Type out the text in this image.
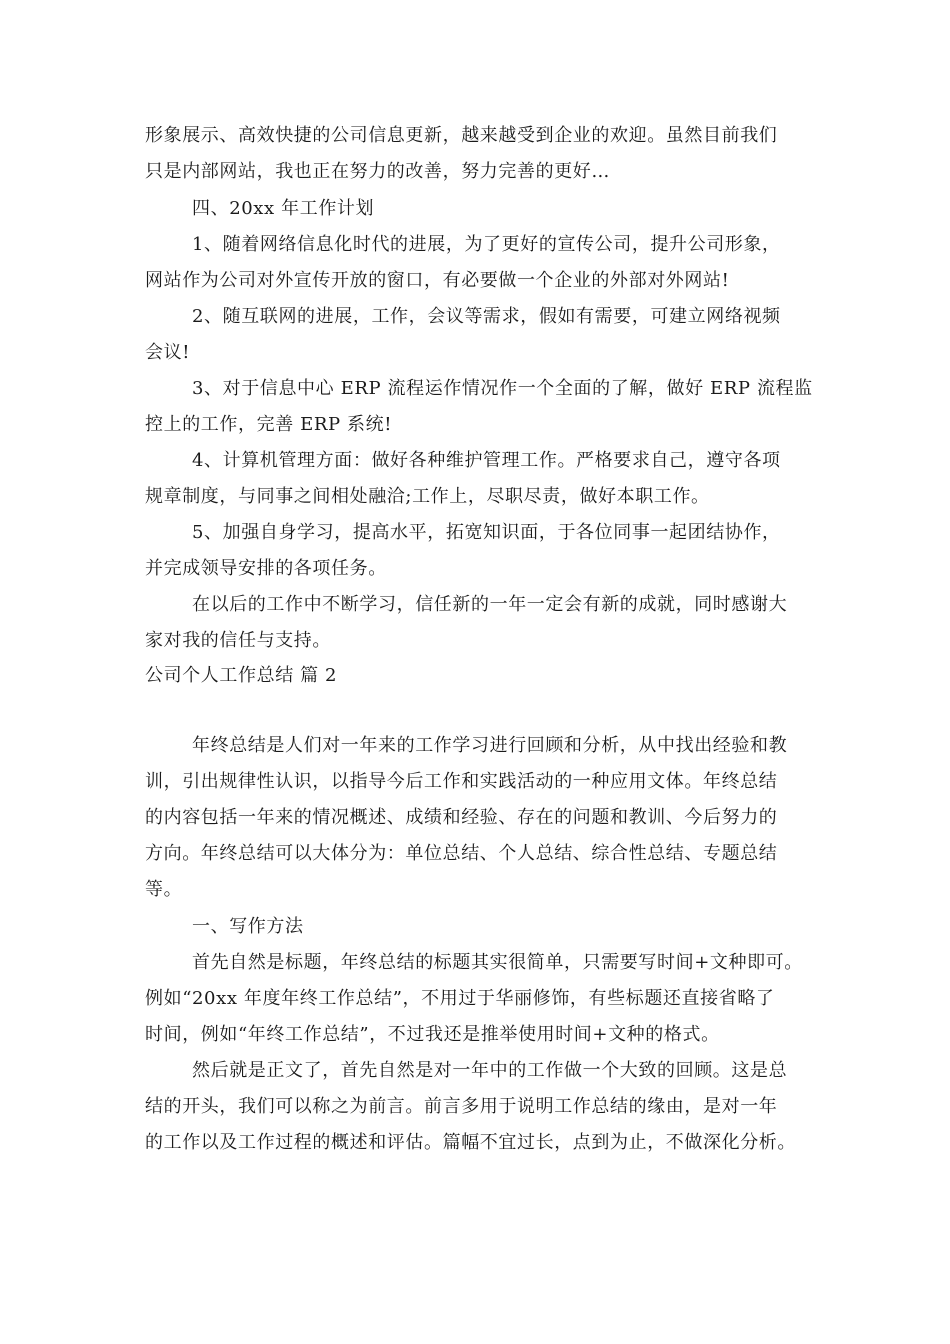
形象展示、高效快捷的公司信息更新，越来越受到企业的欢迎。虽然目前我们
只是内部网站，我也正在努力的改善，努力完善的更好…
四、20xx 年工作计划
1、随着网络信息化时代的进展，为了更好的宣传公司，提升公司形象，
网站作为公司对外宣传开放的窗口，有必要做一个企业的外部对外网站!
2、随互联网的进展，工作，会议等需求，假如有需要，可建立网络视频
会议!
3、对于信息中心 ERP 流程运作情况作一个全面的了解，做好 ERP 流程监
控上的工作，完善 ERP 系统!
4、计算机管理方面：做好各种维护管理工作。严格要求自己，遵守各项
规章制度，与同事之间相处融洽;工作上，尽职尽责，做好本职工作。
5、加强自身学习，提高水平，拓宽知识面，于各位同事一起团结协作，
并完成领导安排的各项任务。
在以后的工作中不断学习，信任新的一年一定会有新的成就，同时感谢大
家对我的信任与支持。
公司个人工作总结 篇 2
年终总结是人们对一年来的工作学习进行回顾和分析，从中找出经验和教
训，引出规律性认识，以指导今后工作和实践活动的一种应用文体。年终总结
的内容包括一年来的情况概述、成绩和经验、存在的问题和教训、今后努力的
方向。年终总结可以大体分为：单位总结、个人总结、综合性总结、专题总结
等。
一、写作方法
首先自然是标题，年终总结的标题其实很简单，只需要写时间+文种即可。
例如“20xx 年度年终工作总结”，不用过于华丽修饰，有些标题还直接省略了
时间，例如“年终工作总结”，不过我还是推举使用时间+文种的格式。
然后就是正文了，首先自然是对一年中的工作做一个大致的回顾。这是总
结的开头，我们可以称之为前言。前言多用于说明工作总结的缘由，是对一年
的工作以及工作过程的概述和评估。篇幅不宜过长，点到为止，不做深化分析。
